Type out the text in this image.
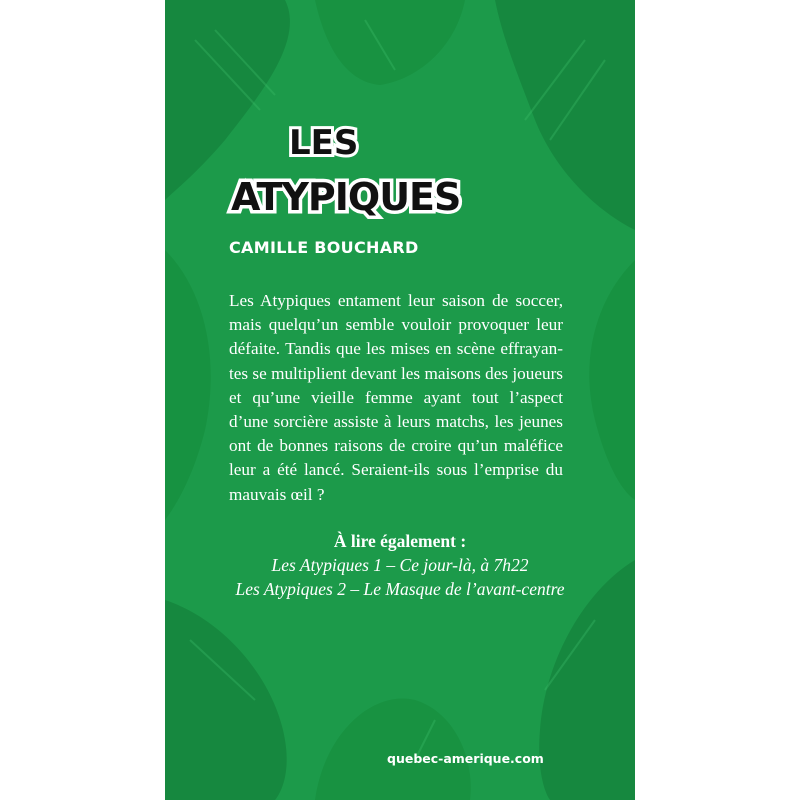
LES
ATYPIQUES
CAMILLE BOUCHARD

Les Atypiques entament leur saison de soccer, mais quelqu’un semble vouloir provoquer leur défaite. Tandis que les mises en scène effrayantes se multiplient devant les maisons des joueurs et qu’une vieille femme ayant tout l’aspect d’une sorcière assiste à leurs matchs, les jeunes ont de bonnes raisons de croire qu’un maléfice leur a été lancé. Seraient-ils sous l’emprise du mauvais œil ?

À lire également :
Les Atypiques 1 – Ce jour-là, à 7h22
Les Atypiques 2 – Le Masque de l’avant-centre
quebec-amerique.com
